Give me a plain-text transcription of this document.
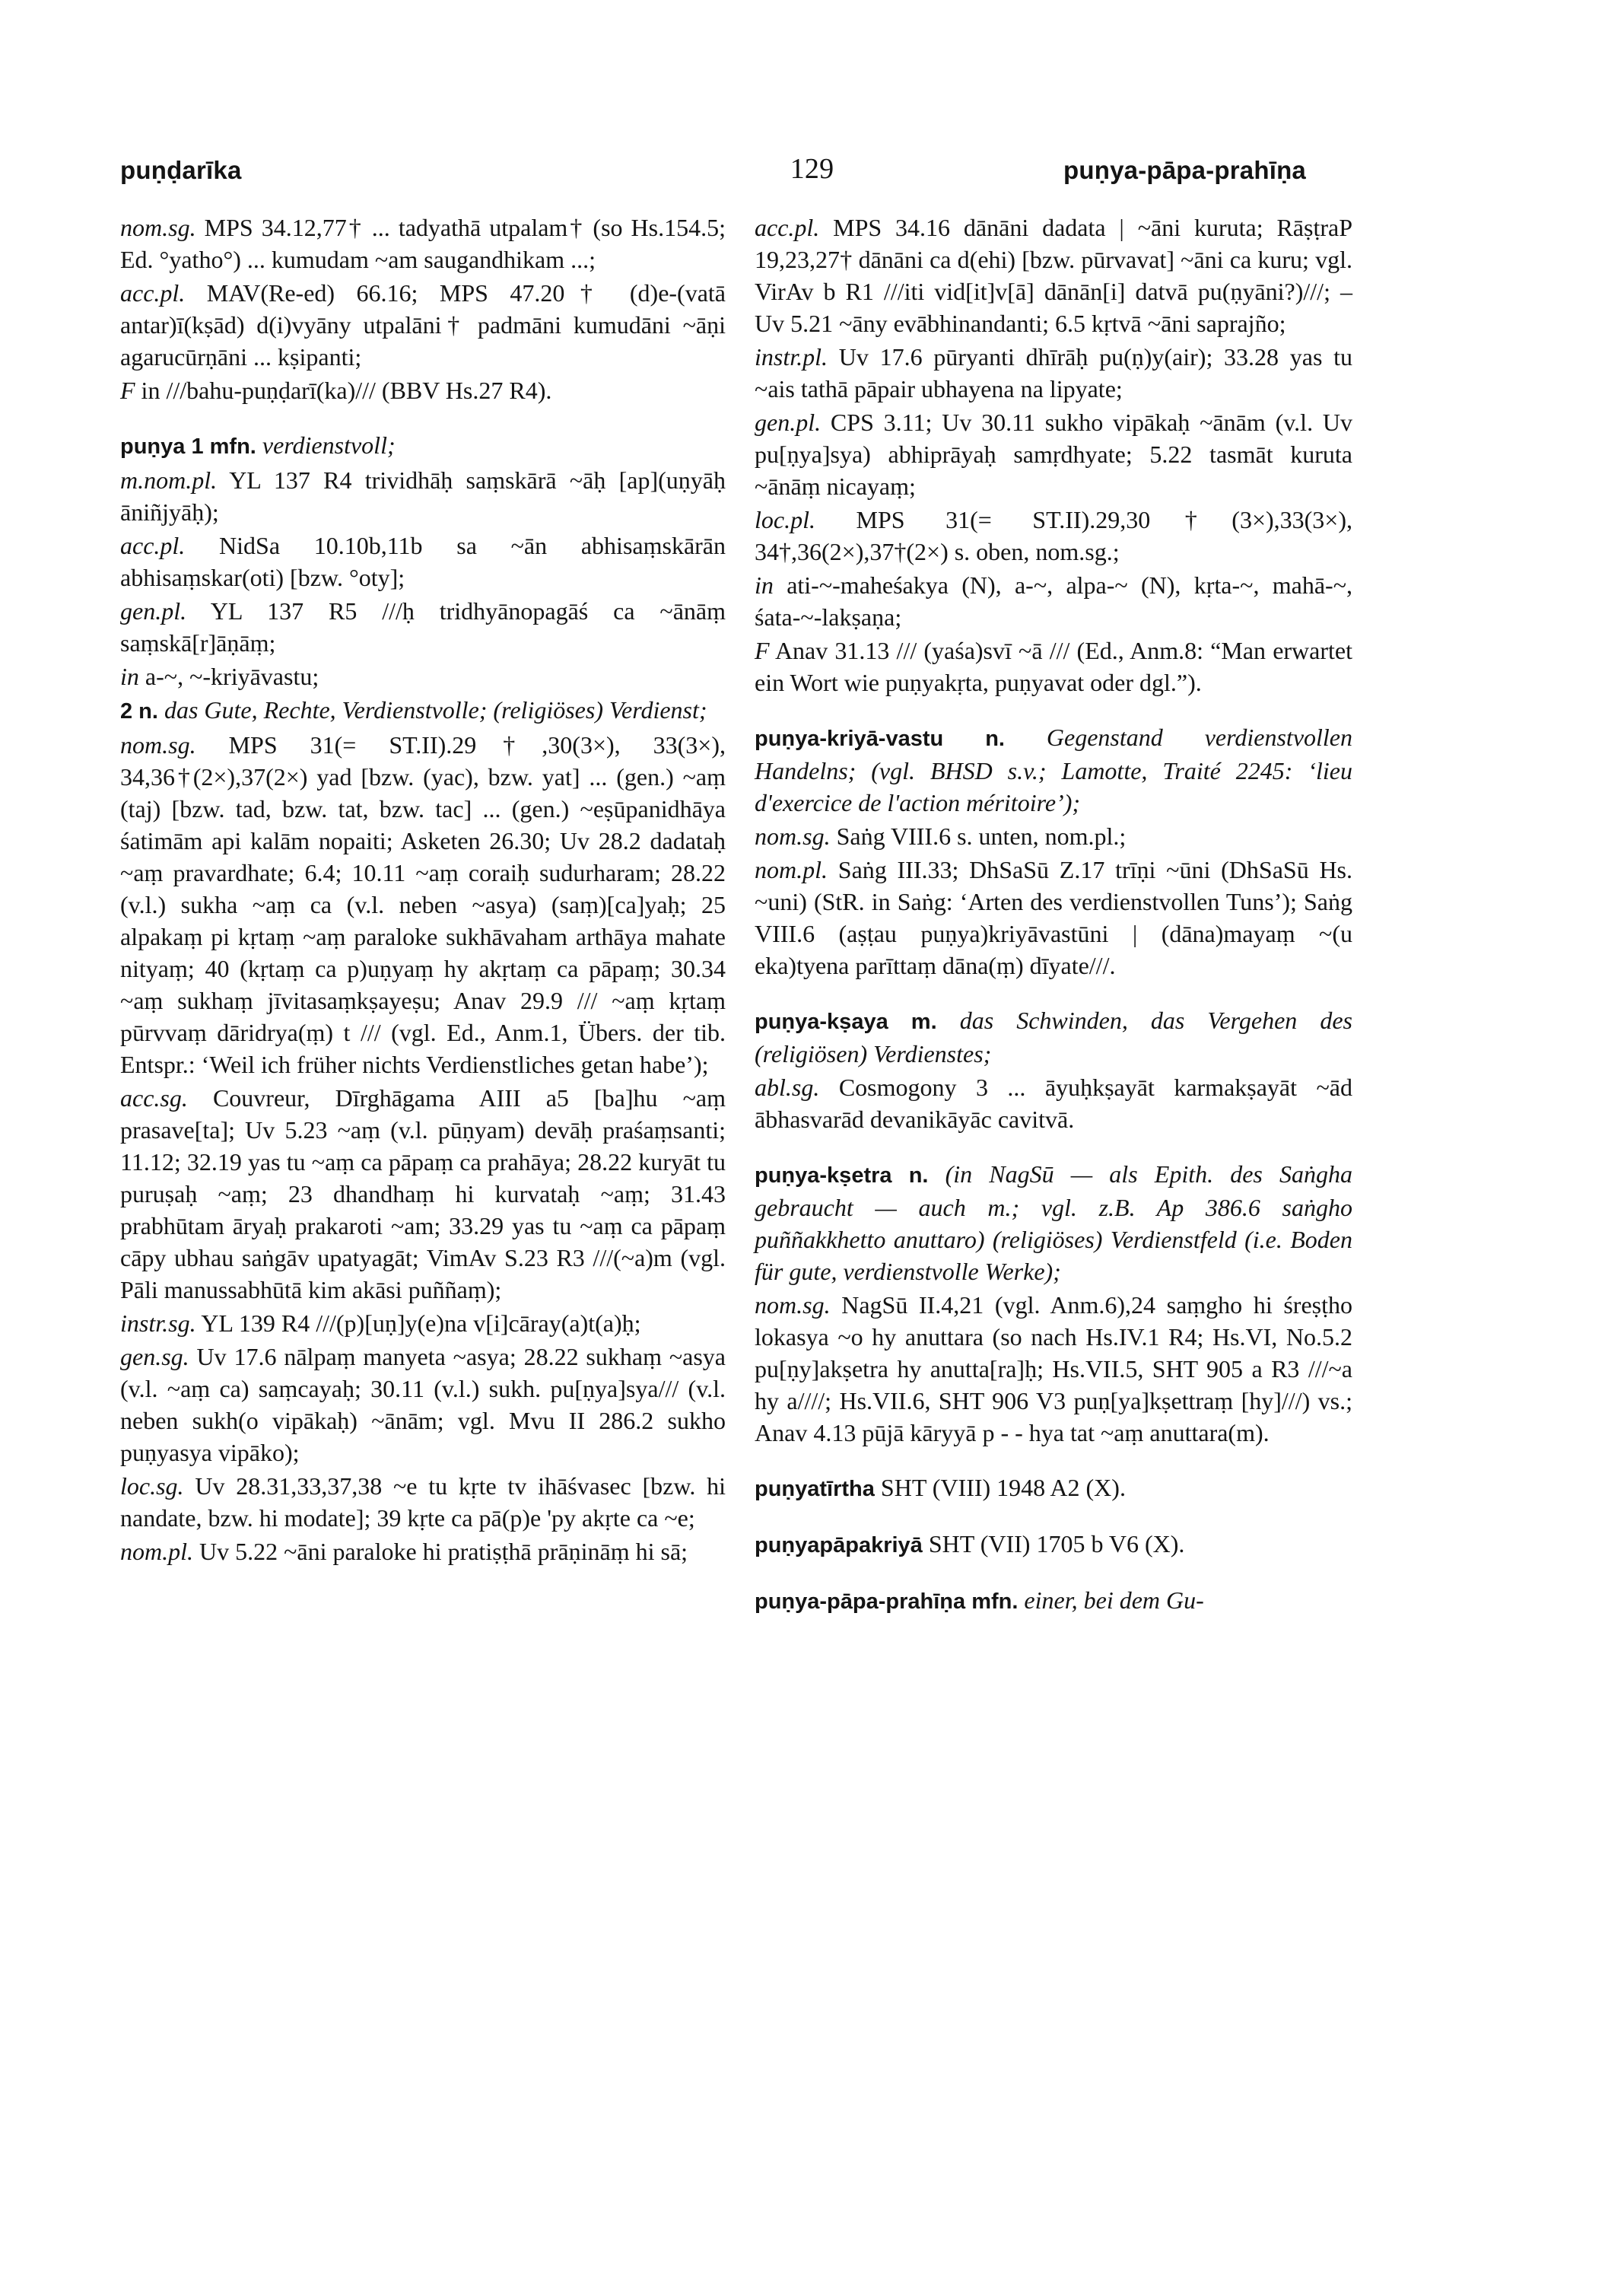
puṇḍarīka	129	puṇya-pāpa-prahīṇa
nom.sg. MPS 34.12,77† ... tadyathā utpalam† (so Hs.154.5; Ed. °yatho°) ... kumudam ~am saugandhikam ...;
acc.pl. MAV(Re-ed) 66.16; MPS 47.20† (d)e-(vatā antar)ī(kṣād) d(i)vyāny utpalāni† padmāni kumudāni ~āṇi agarucūrṇāni ... kṣipanti;
F in ///bahu-puṇḍarī(ka)/// (BBV Hs.27 R4).
puṇya 1 mfn. verdienstvoll;
m.nom.pl. YL 137 R4 trividhāḥ saṃskārā ~āḥ [ap](uṇyāḥ āniñjyāḥ);
acc.pl. NidSa 10.10b,11b sa ~ān abhisaṃskārān abhisaṃskar(oti) [bzw. °oty];
gen.pl. YL 137 R5 ///ḥ tridhyānopagāś ca ~ānāṃ saṃskā[r]āṇāṃ;
in a-~, ~-kriyāvastu;
2 n. das Gute, Rechte, Verdienstvolle; (religiöses) Verdienst;
nom.sg. MPS 31(= ST.II).29†,30(3×), 33(3×), 34,36†(2×),37(2×) yad [bzw. (yac), bzw. yat] ... (gen.) ~aṃ (taj) [bzw. tad, bzw. tat, bzw. tac] ... (gen.) ~eṣūpanidhāya śatimām api kalām nopaiti; Asketen 26.30; Uv 28.2 dadataḥ ~aṃ pravardhate; 6.4; 10.11 ~aṃ coraiḥ sudurharam; 28.22 (v.l.) sukha ~aṃ ca (v.l. neben ~asya) (saṃ)[ca]yaḥ; 25 alpakaṃ pi kṛtaṃ ~aṃ paraloke sukhāvaham arthāya mahate nityaṃ; 40 (kṛtaṃ ca p)uṇyaṃ hy akṛtaṃ ca pāpaṃ; 30.34 ~aṃ sukhaṃ jīvitasaṃkṣayeṣu; Anav 29.9 /// ~aṃ kṛtaṃ pūrvvaṃ dāridrya(ṃ) t /// (vgl. Ed., Anm.1, Übers. der tib. Entspr.: ‘Weil ich früher nichts Verdienstliches getan habe’);
acc.sg. Couvreur, Dīrghāgama AIII a5 [ba]hu ~aṃ prasave[ta]; Uv 5.23 ~aṃ (v.l. pūṇyam) devāḥ praśaṃsanti; 11.12; 32.19 yas tu ~aṃ ca pāpaṃ ca prahāya; 28.22 kuryāt tu puruṣaḥ ~aṃ; 23 dhandhaṃ hi kurvataḥ ~aṃ; 31.43 prabhūtam āryaḥ prakaroti ~am; 33.29 yas tu ~aṃ ca pāpaṃ cāpy ubhau saṅgāv upatyagāt; VimAv S.23 R3 ///(~a)m (vgl. Pāli manussabhūtā kim akāsi puññaṃ);
instr.sg. YL 139 R4 ///(p)[uṇ]y(e)na v[i]cāray(a)t(a)ḥ;
gen.sg. Uv 17.6 nālpaṃ manyeta ~asya; 28.22 sukhaṃ ~asya (v.l. ~aṃ ca) saṃcayaḥ; 30.11 (v.l.) sukh. pu[ṇya]sya/// (v.l. neben sukh(o vipākaḥ) ~ānām; vgl. Mvu II 286.2 sukho puṇyasya vipāko);
loc.sg. Uv 28.31,33,37,38 ~e tu kṛte tv ihāśvasec [bzw. hi nandate, bzw. hi modate]; 39 kṛte ca pā(p)e 'py akṛte ca ~e;
nom.pl. Uv 5.22 ~āni paraloke hi pratiṣṭhā prāṇināṃ hi sā;
acc.pl. MPS 34.16 dānāni dadata | ~āni kuruta; RāṣṭraP 19,23,27† dānāni ca d(ehi) [bzw. pūrvavat] ~āni ca kuru; vgl. VirAv b R1 ///iti vid[it]v[ā] dānān[i] datvā pu(ṇyāni?)///; – Uv 5.21 ~āny evābhinandanti; 6.5 kṛtvā ~āni saprajño;
instr.pl. Uv 17.6 pūryanti dhīrāḥ pu(ṇ)y(air); 33.28 yas tu ~ais tathā pāpair ubhayena na lipyate;
gen.pl. CPS 3.11; Uv 30.11 sukho vipākaḥ ~ānām (v.l. Uv pu[ṇya]sya) abhiprāyaḥ samṛdhyate; 5.22 tasmāt kuruta ~ānāṃ nicayaṃ;
loc.pl. MPS 31(= ST.II).29,30†(3×),33(3×), 34†,36(2×),37†(2×) s. oben, nom.sg.;
in ati-~-maheśakya (N), a-~, alpa-~ (N), kṛta-~, mahā-~, śata-~-lakṣaṇa;
F Anav 31.13 /// (yaśa)svī ~ā /// (Ed., Anm.8: “Man erwartet ein Wort wie puṇyakṛta, puṇyavat oder dgl.”).
puṇya-kriyā-vastu n. Gegenstand verdienstvollen Handelns; (vgl. BHSD s.v.; Lamotte, Traité 2245: ‘lieu d'exercice de l'action méritoire’);
nom.sg. Saṅg VIII.6 s. unten, nom.pl.;
nom.pl. Saṅg III.33; DhSaSū Z.17 trīṇi ~ūni (DhSaSū Hs. ~uni) (StR. in Saṅg: ‘Arten des verdienstvollen Tuns’); Saṅg VIII.6 (aṣṭau puṇya)kriyāvastūni | (dāna)mayaṃ ~(u eka)tyena parīttaṃ dāna(ṃ) dīyate///.
puṇya-kṣaya m. das Schwinden, das Vergehen des (religiösen) Verdienstes;
abl.sg. Cosmogony 3 ... āyuḥkṣayāt karmakṣayāt ~ād ābhasvarād devanikāyāc cavitvā.
puṇya-kṣetra n. (in NagSū — als Epith. des Saṅgha gebraucht — auch m.; vgl. z.B. Ap 386.6 saṅgho puññakkhetto anuttaro) (religiöses) Verdienstfeld (i.e. Boden für gute, verdienstvolle Werke);
nom.sg. NagSū II.4,21 (vgl. Anm.6),24 saṃgho hi śreṣṭho lokasya ~o hy anuttara (so nach Hs.IV.1 R4; Hs.VI, No.5.2 pu[ṇy]akṣetra hy anutta[ra]ḥ; Hs.VII.5, SHT 905 a R3 ///~a hy a////; Hs.VII.6, SHT 906 V3 puṇ[ya]kṣettraṃ [hy]///) vs.; Anav 4.13 pūjā kāryyā p - - hya tat ~aṃ anuttara(m).
puṇyatīrtha SHT (VIII) 1948 A2 (X).
puṇyapāpakriyā SHT (VII) 1705 b V6 (X).
puṇya-pāpa-prahīṇa mfn. einer, bei dem Gu-
